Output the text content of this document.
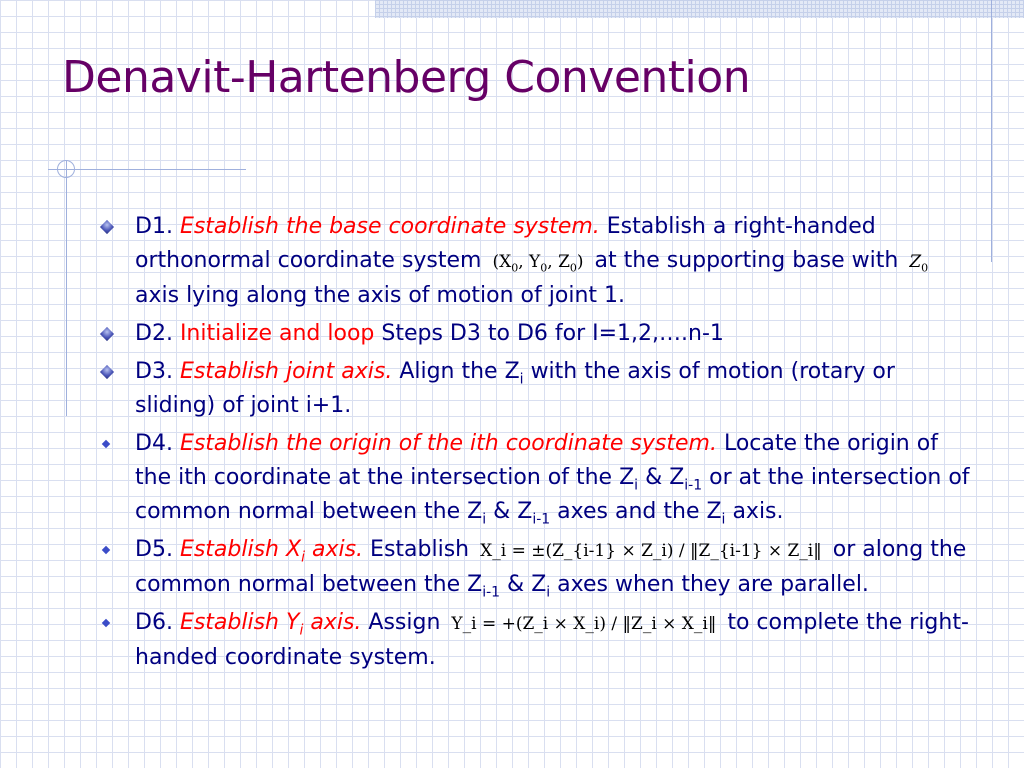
Denavit-Hartenberg Convention
D1. Establish the base coordinate system. Establish a right-handed orthonormal coordinate system ($X_0$, $Y_0$, $Z_0$) at the supporting base with $Z_0$ axis lying along the axis of motion of joint 1.
D2. Initialize and loop Steps D3 to D6 for I=1,2,….n-1
D3. Establish joint axis. Align the $Z_i$ with the axis of motion (rotary or sliding) of joint i+1.
D4. Establish the origin of the ith coordinate system. Locate the origin of the ith coordinate at the intersection of the $Z_i$ & $Z_{i-1}$ or at the intersection of common normal between the $Z_i$ & $Z_{i-1}$ axes and the $Z_i$ axis.
D5. Establish $X_i$ axis. Establish X_i = ±(Z_{i-1} × Z_i) / ‖Z_{i-1} × Z_i‖ or along the common normal between the $Z_{i-1}$ & $Z_i$ axes when they are parallel.
D6. Establish $Y_i$ axis. Assign Y_i = +(Z_i × X_i) / ‖Z_i × X_i‖ to complete the right-handed coordinate system.
